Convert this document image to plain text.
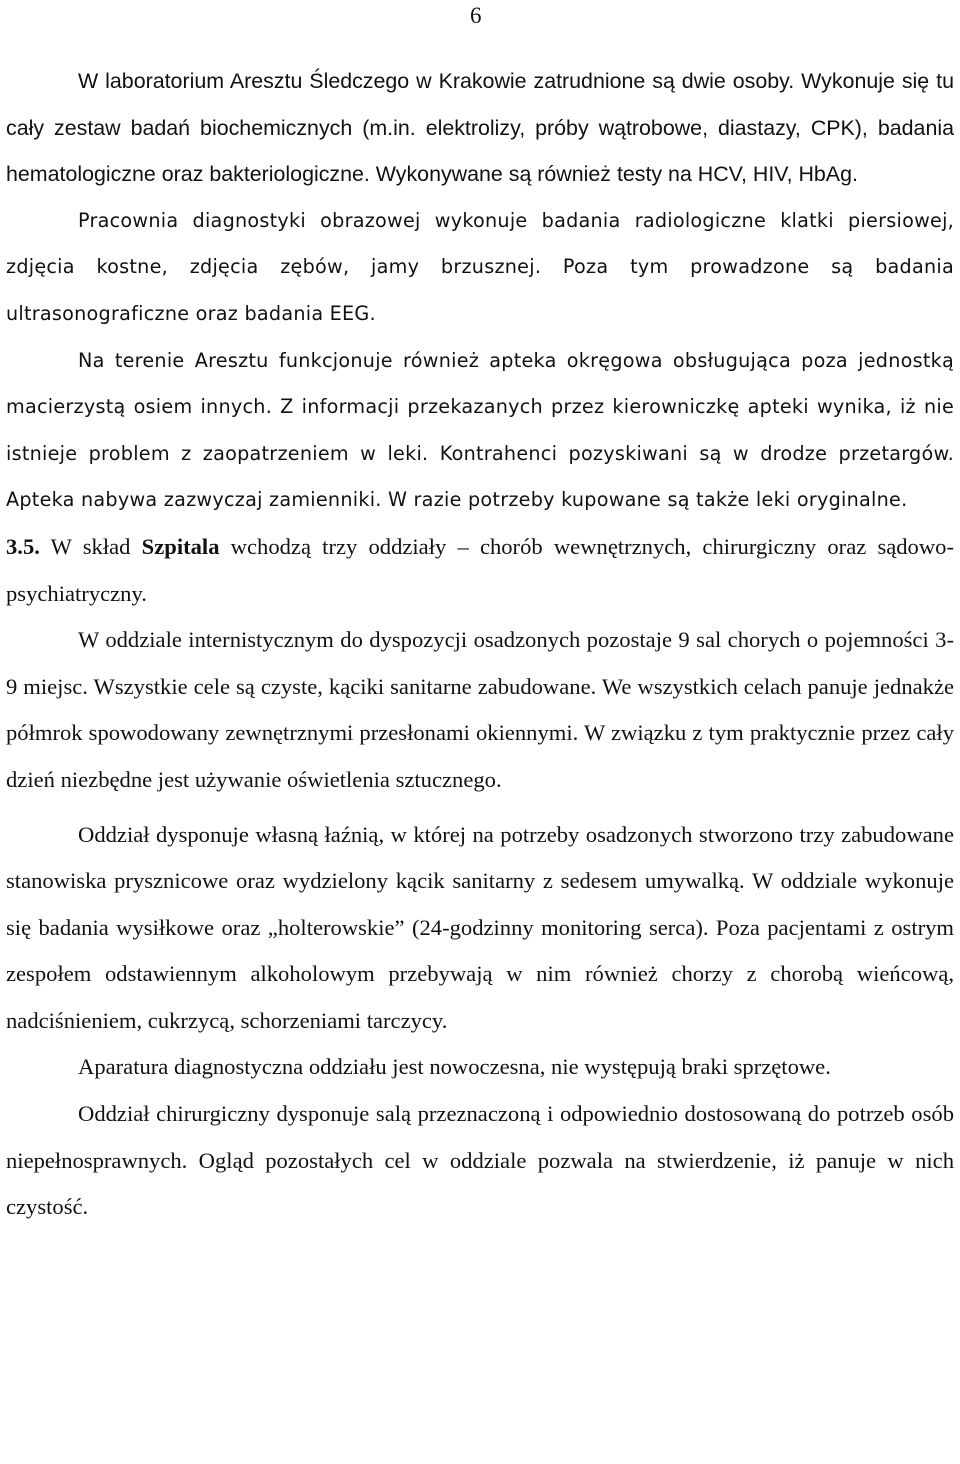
6

W laboratorium Aresztu Śledczego w Krakowie zatrudnione są dwie osoby. Wykonuje się tu cały zestaw badań biochemicznych (m.in. elektrolizy, próby wątrobowe, diastazy, CPK), badania hematologiczne oraz bakteriologiczne. Wykonywane są również testy na HCV, HIV, HbAg.

Pracownia diagnostyki obrazowej wykonuje badania radiologiczne klatki piersiowej, zdjęcia kostne, zdjęcia zębów, jamy brzusznej. Poza tym prowadzone są badania ultrasonograficzne oraz badania EEG.

Na terenie Aresztu funkcjonuje również apteka okręgowa obsługująca poza jednostką macierzystą osiem innych. Z informacji przekazanych przez kierowniczkę apteki wynika, iż nie istnieje problem z zaopatrzeniem w leki. Kontrahenci pozyskiwani są w drodze przetargów. Apteka nabywa zazwyczaj zamienniki. W razie potrzeby kupowane są także leki oryginalne.

3.5. W skład Szpitala wchodzą trzy oddziały – chorób wewnętrznych, chirurgiczny oraz sądowo-psychiatryczny.

W oddziale internistycznym do dyspozycji osadzonych pozostaje 9 sal chorych o pojemności 3-9 miejsc. Wszystkie cele są czyste, kąciki sanitarne zabudowane. We wszystkich celach panuje jednakże półmrok spowodowany zewnętrznymi przesłonami okiennymi. W związku z tym praktycznie przez cały dzień niezbędne jest używanie oświetlenia sztucznego.

Oddział dysponuje własną łaźnią, w której na potrzeby osadzonych stworzono trzy zabudowane stanowiska prysznicowe oraz wydzielony kącik sanitarny z sedesem umywalką. W oddziale wykonuje się badania wysiłkowe oraz „holterowskie” (24-godzinny monitoring serca). Poza pacjentami z ostrym zespołem odstawiennym alkoholowym przebywają w nim również chorzy z chorobą wieńcową, nadciśnieniem, cukrzycą, schorzeniami tarczycy.

Aparatura diagnostyczna oddziału jest nowoczesna, nie występują braki sprzętowe.

Oddział chirurgiczny dysponuje salą przeznaczoną i odpowiednio dostosowaną do potrzeb osób niepełnosprawnych. Ogląd pozostałych cel w oddziale pozwala na stwierdzenie, iż panuje w nich czystość.
